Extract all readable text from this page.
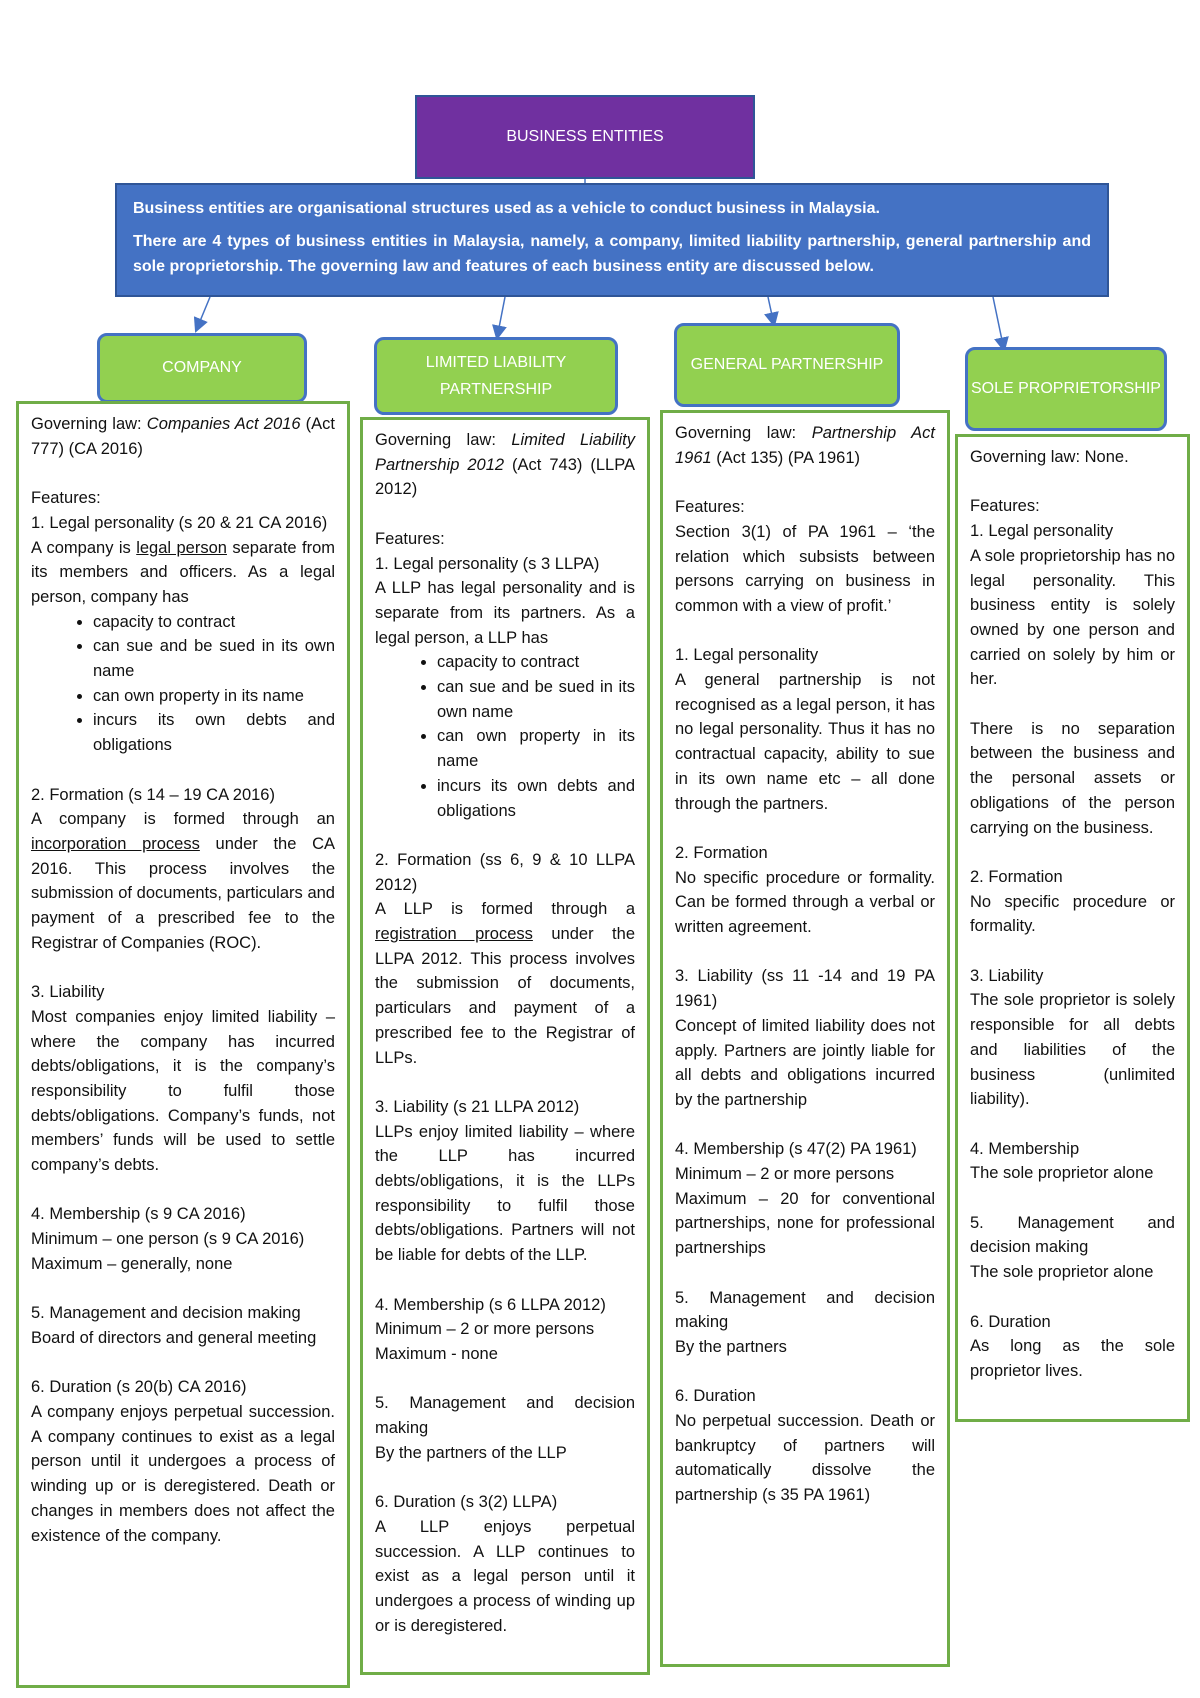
BUSINESS ENTITIES

Business entities are organisational structures used as a vehicle to conduct business in Malaysia.

There are 4 types of business entities in Malaysia, namely, a company, limited liability partnership, general partnership and sole proprietorship. The governing law and features of each business entity are discussed below.

COMPANY	LIMITED LIABILITY PARTNERSHIP
GENERAL PARTNERSHIP
SOLE PROPRIETORSHIP

Governing law: Companies Act 2016 (Act 777) (CA 2016)

Features:

1. Legal personality (s 20 & 21 CA 2016)

A company is legal person separate from its members and officers. As a legal person, company has

• capacity to contract
• can sue and be sued in its own name
• can own property in its name
• incurs its own debts and obligations

2. Formation (s 14 – 19 CA 2016)

A company is formed through an incorporation process under the CA 2016. This process involves the submission of documents, particulars and payment of a prescribed fee to the Registrar of Companies (ROC).

3. Liability

Most companies enjoy limited liability – where the company has incurred debts/obligations, it is the company’s responsibility to fulfil those debts/obligations. Company’s funds, not members’ funds will be used to settle company’s debts.

4. Membership (s 9 CA 2016)

Minimum – one person (s 9 CA 2016)

Maximum – generally, none

5. Management and decision making

Board of directors and general meeting

6. Duration (s 20(b) CA 2016)

A company enjoys perpetual succession. A company continues to exist as a legal person until it undergoes a process of winding up or is deregistered. Death or changes in members does not affect the existence of the company.

Governing law: Limited Liability Partnership 2012 (Act 743) (LLPA 2012)

Features:

1. Legal personality (s 3 LLPA)

A LLP has legal personality and is separate from its partners. As a legal person, a LLP has

• capacity to contract
• can sue and be sued in its own name
• can own property in its name
• incurs its own debts and obligations

2. Formation (ss 6, 9 & 10 LLPA 2012)

A LLP is formed through a registration process under the LLPA 2012. This process involves the submission of documents, particulars and payment of a prescribed fee to the Registrar of LLPs.

3. Liability (s 21 LLPA 2012)

LLPs enjoy limited liability – where the LLP has incurred debts/obligations, it is the LLPs responsibility to fulfil those debts/obligations. Partners will not be liable for debts of the LLP.

4. Membership (s 6 LLPA 2012)

Minimum – 2 or more persons

Maximum - none

5. Management and decision making

By the partners of the LLP

6. Duration (s 3(2) LLPA)

A LLP enjoys perpetual succession. A LLP continues to exist as a legal person until it undergoes a process of winding up or is deregistered.

Governing law: Partnership Act 1961 (Act 135) (PA 1961)

Features:

Section 3(1) of PA 1961 – ‘the relation which subsists between persons carrying on business in common with a view of profit.’

1. Legal personality

A general partnership is not recognised as a legal person, it has no legal personality. Thus it has no contractual capacity, ability to sue in its own name etc – all done through the partners.

2. Formation

No specific procedure or formality. Can be formed through a verbal or written agreement.

3. Liability (ss 11 -14 and 19 PA 1961)

Concept of limited liability does not apply. Partners are jointly liable for all debts and obligations incurred by the partnership

4. Membership (s 47(2) PA 1961)

Minimum – 2 or more persons

Maximum – 20 for conventional partnerships, none for professional partnerships

5. Management and decision making

By the partners

6. Duration

No perpetual succession. Death or bankruptcy of partners will automatically dissolve the partnership (s 35 PA 1961)

Governing law: None.

Features:

1. Legal personality

A sole proprietorship has no legal personality. This business entity is solely owned by one person and carried on solely by him or her.

There is no separation between the business and the personal assets or obligations of the person carrying on the business.

2. Formation

No specific procedure or formality.

3. Liability

The sole proprietor is solely responsible for all debts and liabilities of the business (unlimited liability).

4. Membership

The sole proprietor alone

5. Management and decision making

The sole proprietor alone

6. Duration

As long as the sole proprietor lives.
